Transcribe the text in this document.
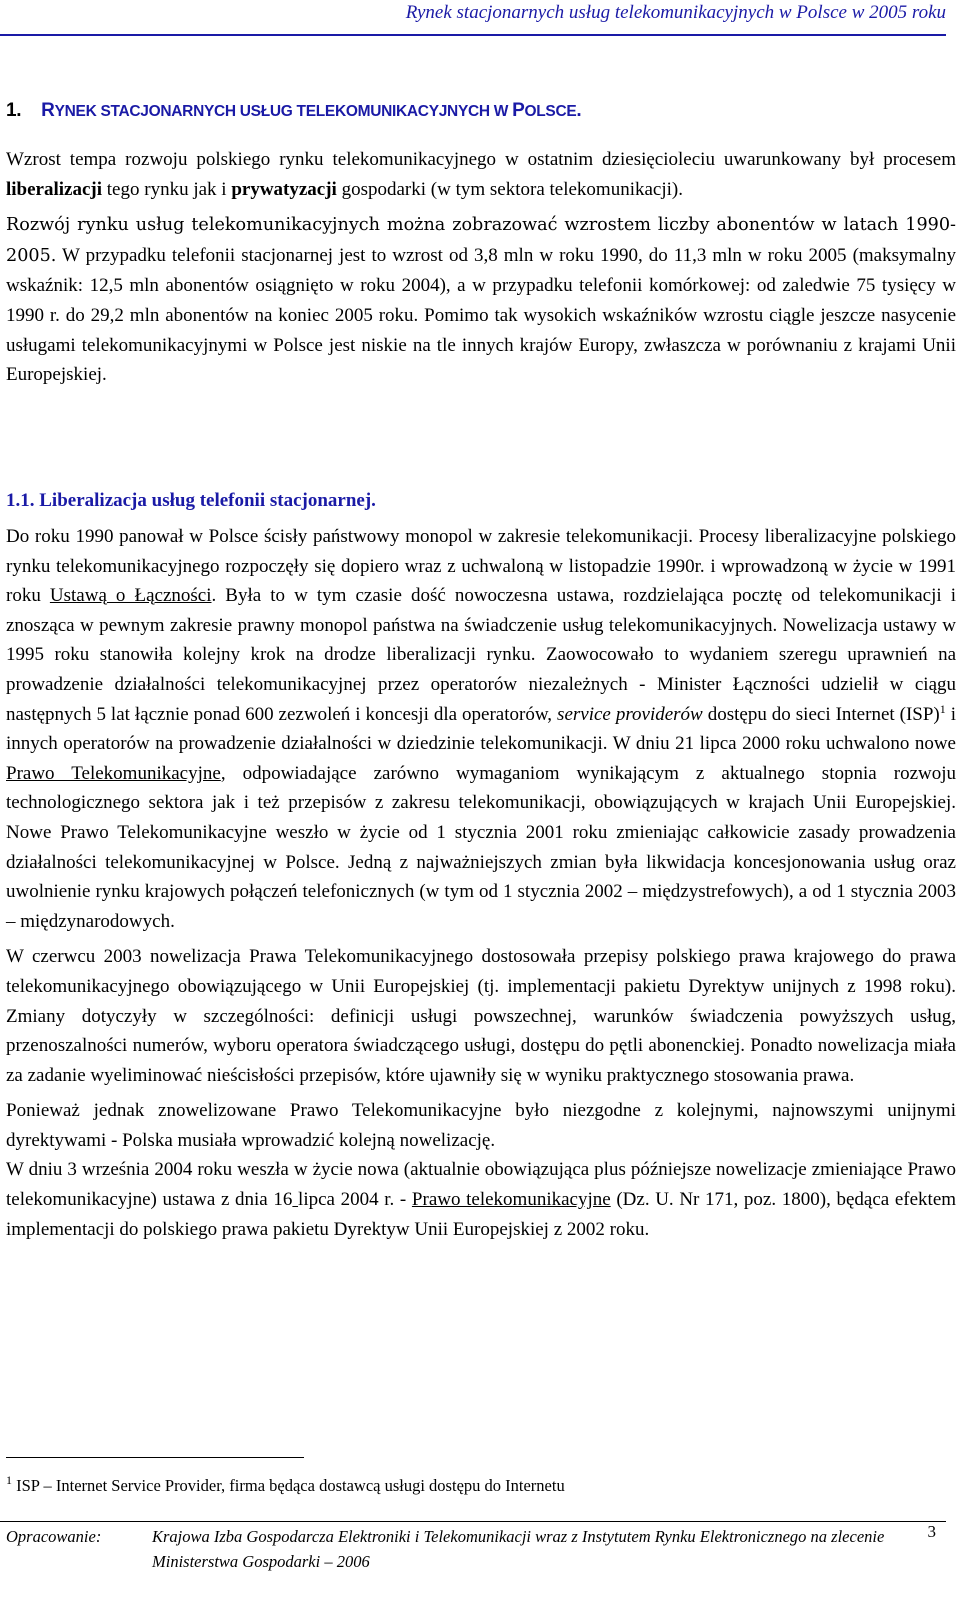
Rynek stacjonarnych usług telekomunikacyjnych w Polsce w 2005 roku
1. RYNEK STACJONARNYCH USŁUG TELEKOMUNIKACYJNYCH W POLSCE.

Wzrost tempa rozwoju polskiego rynku telekomunikacyjnego w ostatnim dziesięcioleciu uwarunkowany był procesem liberalizacji tego rynku jak i prywatyzacji gospodarki (w tym sektora telekomunikacji).

Rozwój rynku usług telekomunikacyjnych można zobrazować wzrostem liczby abonentów w latach 1990-2005. W przypadku telefonii stacjonarnej jest to wzrost od 3,8 mln w roku 1990, do 11,3 mln w roku 2005 (maksymalny wskaźnik: 12,5 mln abonentów osiągnięto w roku 2004), a w przypadku telefonii komórkowej: od zaledwie 75 tysięcy w 1990 r. do 29,2 mln abonentów na koniec 2005 roku. Pomimo tak wysokich wskaźników wzrostu ciągle jeszcze nasycenie usługami telekomunikacyjnymi w Polsce jest niskie na tle innych krajów Europy, zwłaszcza w porównaniu z krajami Unii Europejskiej.

1.1. Liberalizacja usług telefonii stacjonarnej.

Do roku 1990 panował w Polsce ścisły państwowy monopol w zakresie telekomunikacji. Procesy liberalizacyjne polskiego rynku telekomunikacyjnego rozpoczęły się dopiero wraz z uchwaloną w listopadzie 1990r. i wprowadzoną w życie w 1991 roku Ustawą o Łączności. Była to w tym czasie dość nowoczesna ustawa, rozdzielająca pocztę od telekomunikacji i znosząca w pewnym zakresie prawny monopol państwa na świadczenie usług telekomunikacyjnych. Nowelizacja ustawy w 1995 roku stanowiła kolejny krok na drodze liberalizacji rynku. Zaowocowało to wydaniem szeregu uprawnień na prowadzenie działalności telekomunikacyjnej przez operatorów niezależnych - Minister Łączności udzielił w ciągu następnych 5 lat łącznie ponad 600 zezwoleń i koncesji dla operatorów, service providerów dostępu do sieci Internet (ISP)$^1$ i innych operatorów na prowadzenie działalności w dziedzinie telekomunikacji. W dniu 21 lipca 2000 roku uchwalono nowe Prawo Telekomunikacyjne, odpowiadające zarówno wymaganiom wynikającym z aktualnego stopnia rozwoju technologicznego sektora jak i też przepisów z zakresu telekomunikacji, obowiązujących w krajach Unii Europejskiej. Nowe Prawo Telekomunikacyjne weszło w życie od 1 stycznia 2001 roku zmieniając całkowicie zasady prowadzenia działalności telekomunikacyjnej w Polsce. Jedną z najważniejszych zmian była likwidacja koncesjonowania usług oraz uwolnienie rynku krajowych połączeń telefonicznych (w tym od 1 stycznia 2002 – międzystrefowych), a od 1 stycznia 2003 – międzynarodowych.

W czerwcu 2003 nowelizacja Prawa Telekomunikacyjnego dostosowała przepisy polskiego prawa krajowego do prawa telekomunikacyjnego obowiązującego w Unii Europejskiej (tj. implementacji pakietu Dyrektyw unijnych z 1998 roku). Zmiany dotyczyły w szczególności: definicji usługi powszechnej, warunków świadczenia powyższych usług, przenoszalności numerów, wyboru operatora świadczącego usługi, dostępu do pętli abonenckiej. Ponadto nowelizacja miała za zadanie wyeliminować nieścisłości przepisów, które ujawniły się w wyniku praktycznego stosowania prawa.

Ponieważ jednak znowelizowane Prawo Telekomunikacyjne było niezgodne z kolejnymi, najnowszymi unijnymi dyrektywami - Polska musiała wprowadzić kolejną nowelizację.

W dniu 3 września 2004 roku weszła w życie nowa (aktualnie obowiązująca plus późniejsze nowelizacje zmieniające Prawo telekomunikacyjne) ustawa z dnia 16 lipca 2004 r. - Prawo telekomunikacyjne (Dz. U. Nr 171, poz. 1800), będąca efektem implementacji do polskiego prawa pakietu Dyrektyw Unii Europejskiej z 2002 roku.

$^1$ ISP – Internet Service Provider, firma będąca dostawcą usługi dostępu do Internetu
Opracowanie:	Krajowa Izba Gospodarcza Elektroniki i Telekomunikacji wraz z Instytutem Rynku Elektronicznego na zlecenie Ministerstwa Gospodarki – 2006
3
